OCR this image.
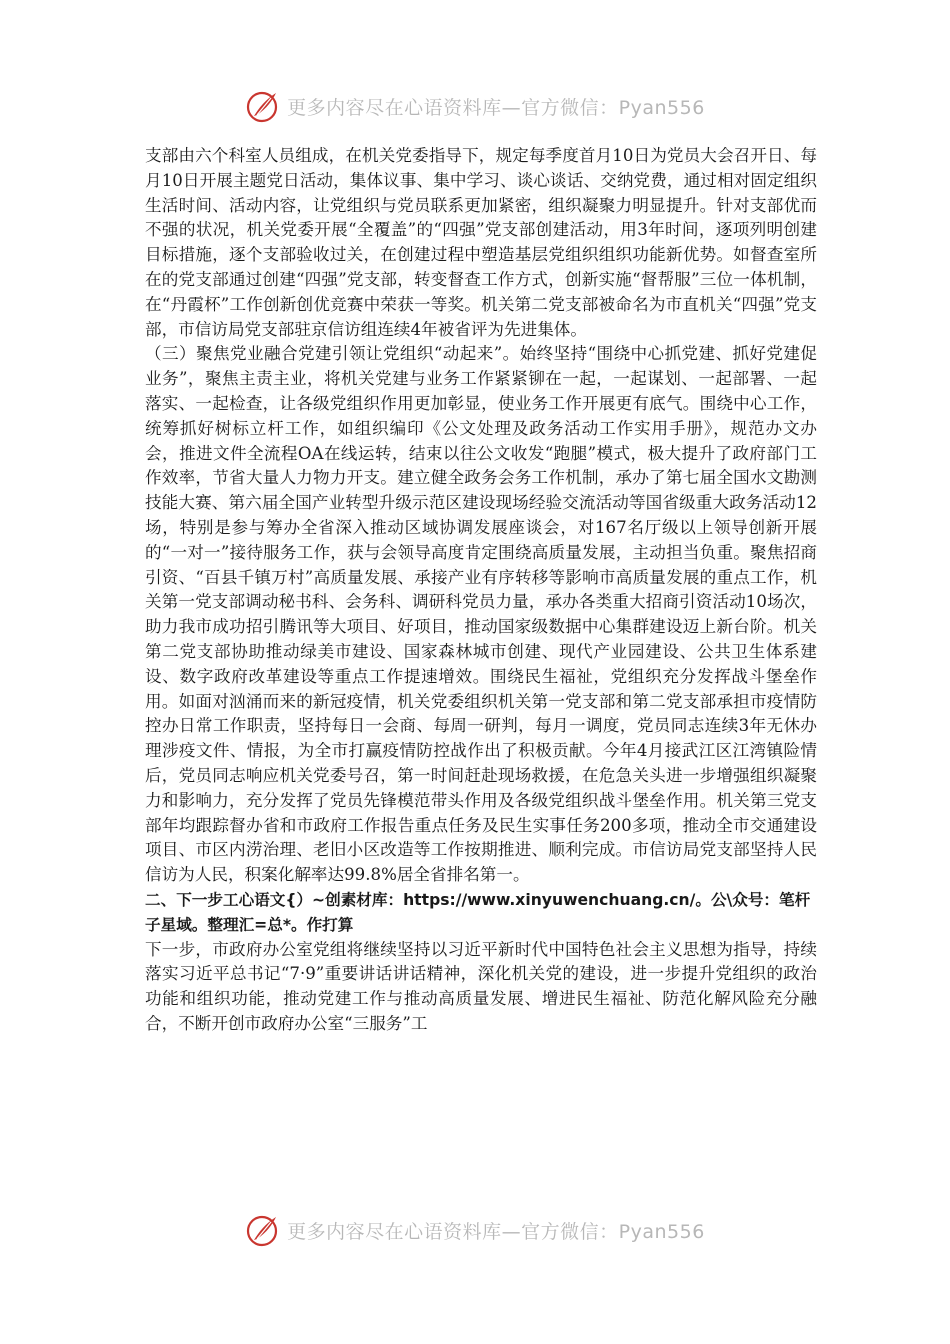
更多内容尽在心语资料库—官方微信：Pyan556

支部由六个科室人员组成，在机关党委指导下，规定每季度首月10日为党员大会召开日、每月10日开展主题党日活动，集体议事、集中学习、谈心谈话、交纳党费，通过相对固定组织生活时间、活动内容，让党组织与党员联系更加紧密，组织凝聚力明显提升。针对支部优而不强的状况，机关党委开展“全覆盖”的“四强”党支部创建活动，用3年时间，逐项列明创建目标措施，逐个支部验收过关，在创建过程中塑造基层党组织组织功能新优势。如督查室所在的党支部通过创建“四强”党支部，转变督查工作方式，创新实施“督帮服”三位一体机制，在“丹霞杯”工作创新创优竞赛中荣获一等奖。机关第二党支部被命名为市直机关“四强”党支部，市信访局党支部驻京信访组连续4年被省评为先进集体。

（三）聚焦党业融合党建引领让党组织“动起来”。始终坚持“围绕中心抓党建、抓好党建促业务”，聚焦主责主业，将机关党建与业务工作紧紧铆在一起，一起谋划、一起部署、一起落实、一起检查，让各级党组织作用更加彰显，使业务工作开展更有底气。围绕中心工作，统筹抓好树标立杆工作，如组织编印《公文处理及政务活动工作实用手册》，规范办文办会，推进文件全流程OA在线运转，结束以往公文收发“跑腿”模式，极大提升了政府部门工作效率，节省大量人力物力开支。建立健全政务会务工作机制，承办了第七届全国水文勘测技能大赛、第六届全国产业转型升级示范区建设现场经验交流活动等国省级重大政务活动12场，特别是参与筹办全省深入推动区域协调发展座谈会，对167名厅级以上领导创新开展的“一对一”接待服务工作，获与会领导高度肯定围绕高质量发展，主动担当负重。聚焦招商引资、“百县千镇万村”高质量发展、承接产业有序转移等影响市高质量发展的重点工作，机关第一党支部调动秘书科、会务科、调研科党员力量，承办各类重大招商引资活动10场次，助力我市成功招引腾讯等大项目、好项目，推动国家级数据中心集群建设迈上新台阶。机关第二党支部协助推动绿美市建设、国家森林城市创建、现代产业园建设、公共卫生体系建设、数字政府改革建设等重点工作提速增效。围绕民生福祉，党组织充分发挥战斗堡垒作用。如面对汹涌而来的新冠疫情，机关党委组织机关第一党支部和第二党支部承担市疫情防控办日常工作职责，坚持每日一会商、每周一研判，每月一调度，党员同志连续3年无休办理涉疫文件、情报，为全市打赢疫情防控战作出了积极贡献。今年4月接武江区江湾镇险情后，党员同志响应机关党委号召，第一时间赶赴现场救援，在危急关头进一步增强组织凝聚力和影响力，充分发挥了党员先锋模范带头作用及各级党组织战斗堡垒作用。机关第三党支部年均跟踪督办省和市政府工作报告重点任务及民生实事任务200多项，推动全市交通建设项目、市区内涝治理、老旧小区改造等工作按期推进、顺利完成。市信访局党支部坚持人民信访为人民，积案化解率达99.8%居全省排名第一。

二、下一步工心语文{）~创素材库：https://www.xinyuwenchuang.cn/。公\众号：笔杆子星域。整理汇=总*。作打算

下一步，市政府办公室党组将继续坚持以习近平新时代中国特色社会主义思想为指导，持续落实习近平总书记“7·9”重要讲话讲话精神，深化机关党的建设，进一步提升党组织的政治功能和组织功能，推动党建工作与推动高质量发展、增进民生福祉、防范化解风险充分融合，不断开创市政府办公室“三服务”工

更多内容尽在心语资料库—官方微信：Pyan556
